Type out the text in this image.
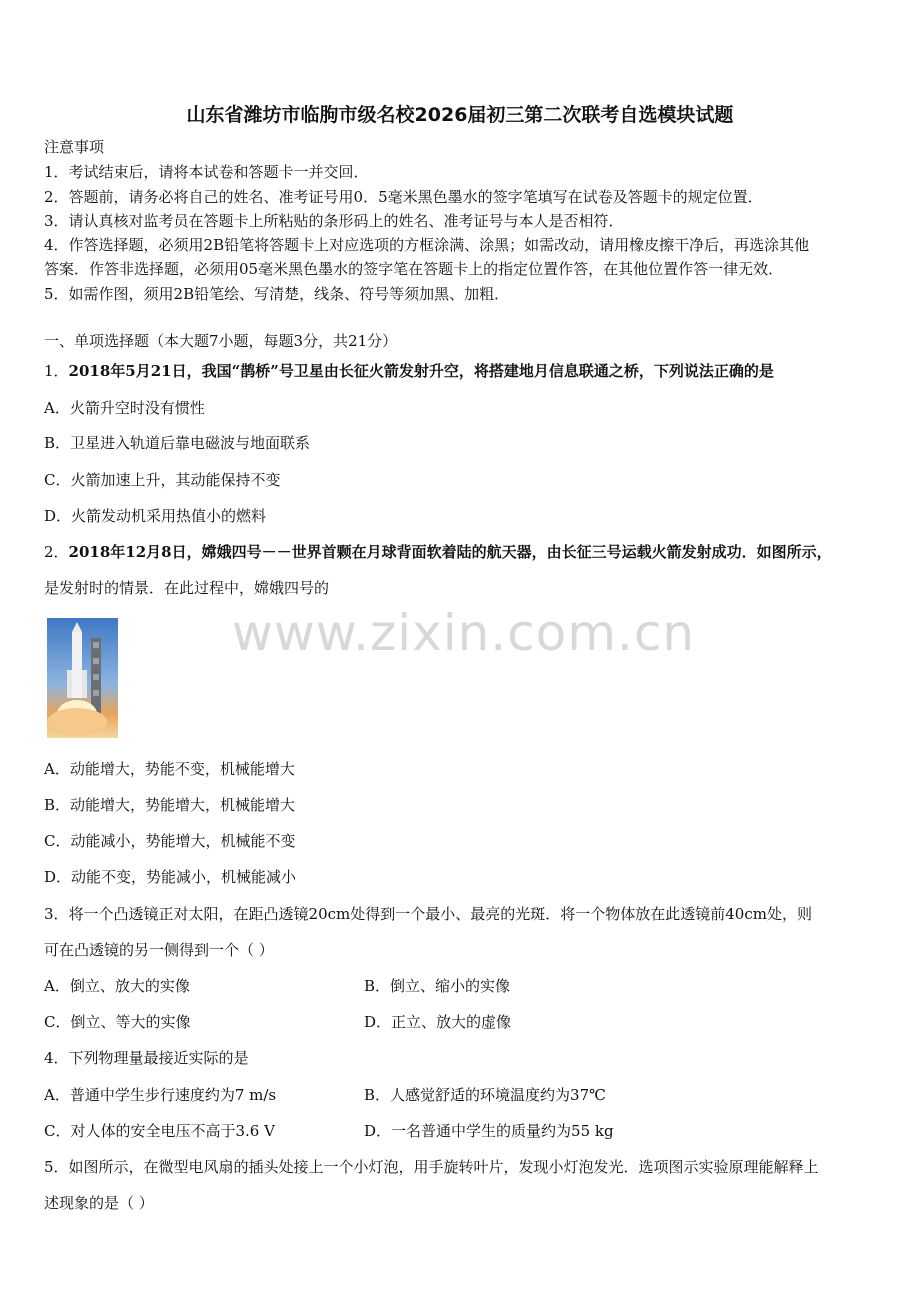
山东省潍坊市临朐市级名校2026届初三第二次联考自选模块试题
注意事项
1．考试结束后，请将本试卷和答题卡一并交回．
2．答题前，请务必将自己的姓名、准考证号用0．5毫米黑色墨水的签字笔填写在试卷及答题卡的规定位置．
3．请认真核对监考员在答题卡上所粘贴的条形码上的姓名、准考证号与本人是否相符．
4．作答选择题，必须用2B铅笔将答题卡上对应选项的方框涂满、涂黑；如需改动，请用橡皮擦干净后，再选涂其他
答案．作答非选择题，必须用05毫米黑色墨水的签字笔在答题卡上的指定位置作答，在其他位置作答一律无效．
5．如需作图，须用2B铅笔绘、写清楚，线条、符号等须加黑、加粗．
一、单项选择题（本大题7小题，每题3分，共21分）
1．2018年5月21日，我国“鹊桥”号卫星由长征火箭发射升空，将搭建地月信息联通之桥，下列说法正确的是
A．火箭升空时没有惯性
B．卫星进入轨道后靠电磁波与地面联系
C．火箭加速上升，其动能保持不变
D．火箭发动机采用热值小的燃料
2．2018年12月8日，嫦娥四号－－世界首颗在月球背面软着陆的航天器，由长征三号运载火箭发射成功．如图所示，
是发射时的情景．在此过程中，嫦娥四号的
www.zixin.com.cn
A．动能增大，势能不变，机械能增大
B．动能增大，势能增大，机械能增大
C．动能减小，势能增大，机械能不变
D．动能不变，势能减小，机械能减小
3．将一个凸透镜正对太阳，在距凸透镜20cm处得到一个最小、最亮的光斑．将一个物体放在此透镜前40cm处，则
可在凸透镜的另一侧得到一个（ ）
A．倒立、放大的实像	B．倒立、缩小的实像
C．倒立、等大的实像	D．正立、放大的虚像
4．下列物理量最接近实际的是
A．普通中学生步行速度约为7 m/s	B．人感觉舒适的环境温度约为37℃
C．对人体的安全电压不高于3.6 V	D．一名普通中学生的质量约为55 kg
5．如图所示，在微型电风扇的插头处接上一个小灯泡，用手旋转叶片，发现小灯泡发光．选项图示实验原理能解释上
述现象的是（ ）
